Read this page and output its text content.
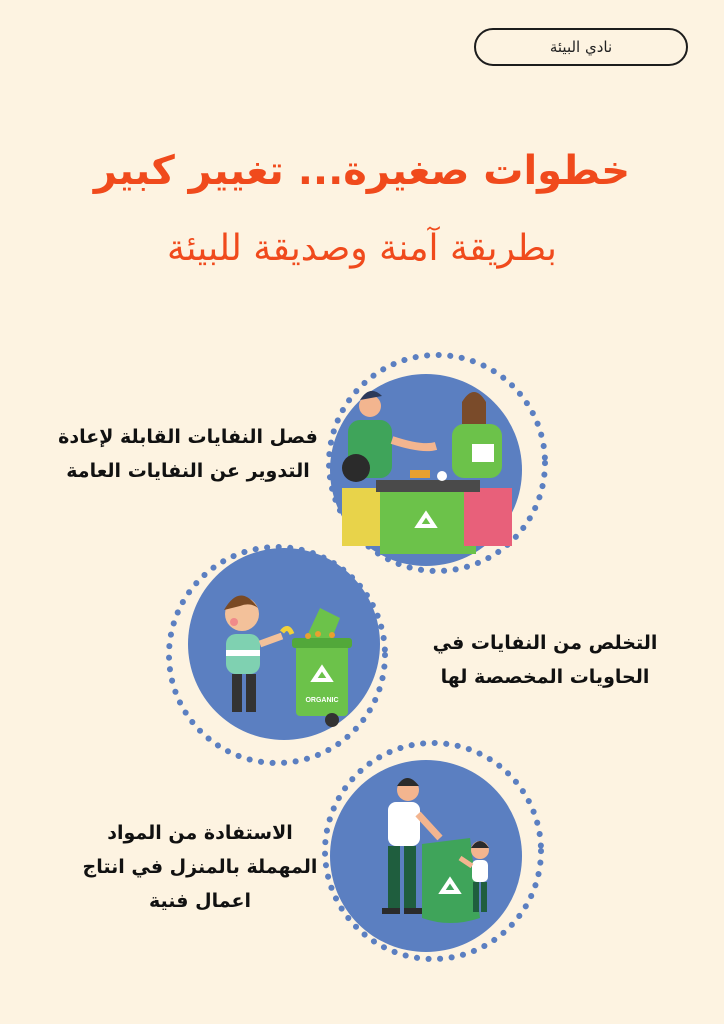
نادي البيئة
خطوات صغيرة... تغيير كبير
بطريقة آمنة وصديقة للبيئة
فصل النفايات القابلة لإعادة
التدوير عن النفايات العامة
ORGANIC
التخلص من النفايات في
الحاويات المخصصة لها
الاستفادة من المواد
المهملة بالمنزل في انتاج
اعمال فنية
